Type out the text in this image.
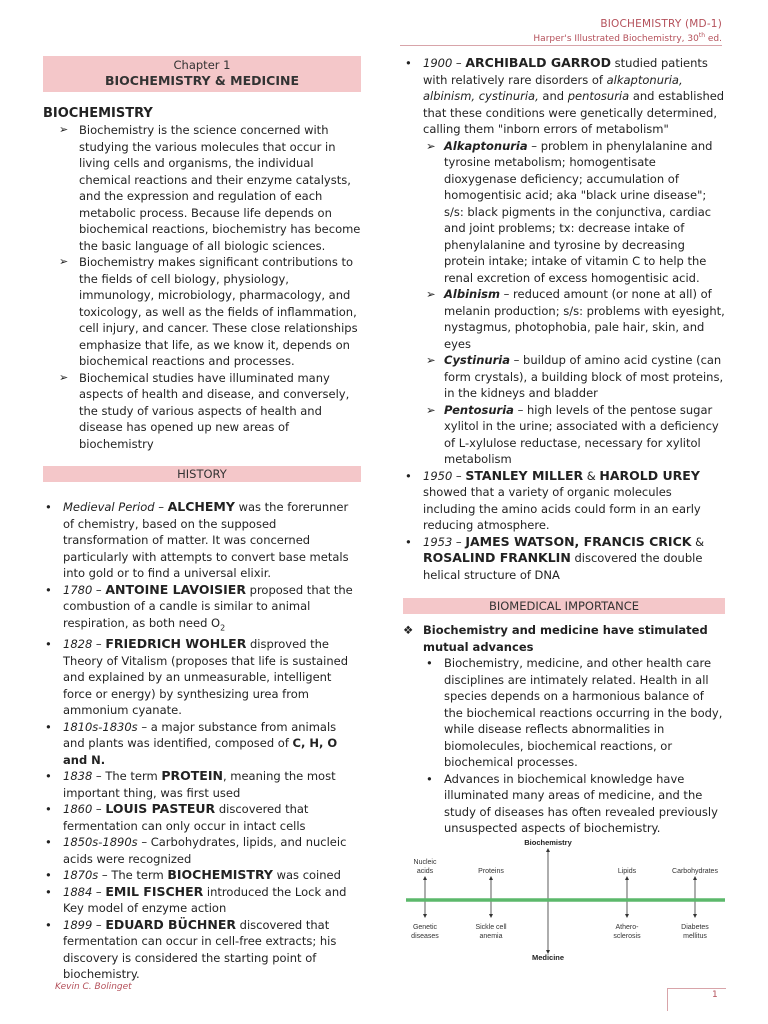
BIOCHEMISTRY (MD-1)
Harper's Illustrated Biochemistry, 30th ed.
Chapter 1
BIOCHEMISTRY & MEDICINE
BIOCHEMISTRY
➢ Biochemistry is the science concerned with studying the various molecules that occur in living cells and organisms, the individual chemical reactions and their enzyme catalysts, and the expression and regulation of each metabolic process. Because life depends on biochemical reactions, biochemistry has become the basic language of all biologic sciences.
➢ Biochemistry makes significant contributions to the fields of cell biology, physiology, immunology, microbiology, pharmacology, and toxicology, as well as the fields of inflammation, cell injury, and cancer. These close relationships emphasize that life, as we know it, depends on biochemical reactions and processes.
➢ Biochemical studies have illuminated many aspects of health and disease, and conversely, the study of various aspects of health and disease has opened up new areas of biochemistry
HISTORY
• Medieval Period – ALCHEMY was the forerunner of chemistry, based on the supposed transformation of matter. It was concerned particularly with attempts to convert base metals into gold or to find a universal elixir.
• 1780 – ANTOINE LAVOISIER proposed that the combustion of a candle is similar to animal respiration, as both need $O_2$
• 1828 – FRIEDRICH WOHLER disproved the Theory of Vitalism (proposes that life is sustained and explained by an unmeasurable, intelligent force or energy) by synthesizing urea from ammonium cyanate.
• 1810s-1830s – a major substance from animals and plants was identified, composed of C, H, O and N.
• 1838 – The term PROTEIN, meaning the most important thing, was first used
• 1860 – LOUIS PASTEUR discovered that fermentation can only occur in intact cells
• 1850s-1890s – Carbohydrates, lipids, and nucleic acids were recognized
• 1870s – The term BIOCHEMISTRY was coined
• 1884 – EMIL FISCHER introduced the Lock and Key model of enzyme action
• 1899 – EDUARD BÜCHNER discovered that fermentation can occur in cell-free extracts; his discovery is considered the starting point of biochemistry.
• 1900 – ARCHIBALD GARROD studied patients with relatively rare disorders of alkaptonuria, albinism, cystinuria, and pentosuria and established that these conditions were genetically determined, calling them "inborn errors of metabolism"
➢ Alkaptonuria – problem in phenylalanine and tyrosine metabolism; homogentisate dioxygenase deficiency; accumulation of homogentisic acid; aka "black urine disease"; s/s: black pigments in the conjunctiva, cardiac and joint problems; tx: decrease intake of phenylalanine and tyrosine by decreasing protein intake; intake of vitamin C to help the renal excretion of excess homogentisic acid.
➢ Albinism – reduced amount (or none at all) of melanin production; s/s: problems with eyesight, nystagmus, photophobia, pale hair, skin, and eyes
➢ Cystinuria – buildup of amino acid cystine (can form crystals), a building block of most proteins, in the kidneys and bladder
➢ Pentosuria – high levels of the pentose sugar xylitol in the urine; associated with a deficiency of L-xylulose reductase, necessary for xylitol metabolism
• 1950 – STANLEY MILLER & HAROLD UREY showed that a variety of organic molecules including the amino acids could form in an early reducing atmosphere.
• 1953 – JAMES WATSON, FRANCIS CRICK & ROSALIND FRANKLIN discovered the double helical structure of DNA
BIOMEDICAL IMPORTANCE
❖ Biochemistry and medicine have stimulated mutual advances
• Biochemistry, medicine, and other health care disciplines are intimately related. Health in all species depends on a harmonious balance of the biochemical reactions occurring in the body, while disease reflects abnormalities in biomolecules, biochemical reactions, or biochemical processes.
• Advances in biochemical knowledge have illuminated many areas of medicine, and the study of diseases has often revealed previously unsuspected aspects of biochemistry.
Biochemistry
Medicine
Nucleic
acids	Proteins	Lipids	Carbohydrates
Genetic
diseases
Sickle cell
anemia
Athero-
sclerosis
Diabetes
mellitus
Kevin C. Bolinget
1
